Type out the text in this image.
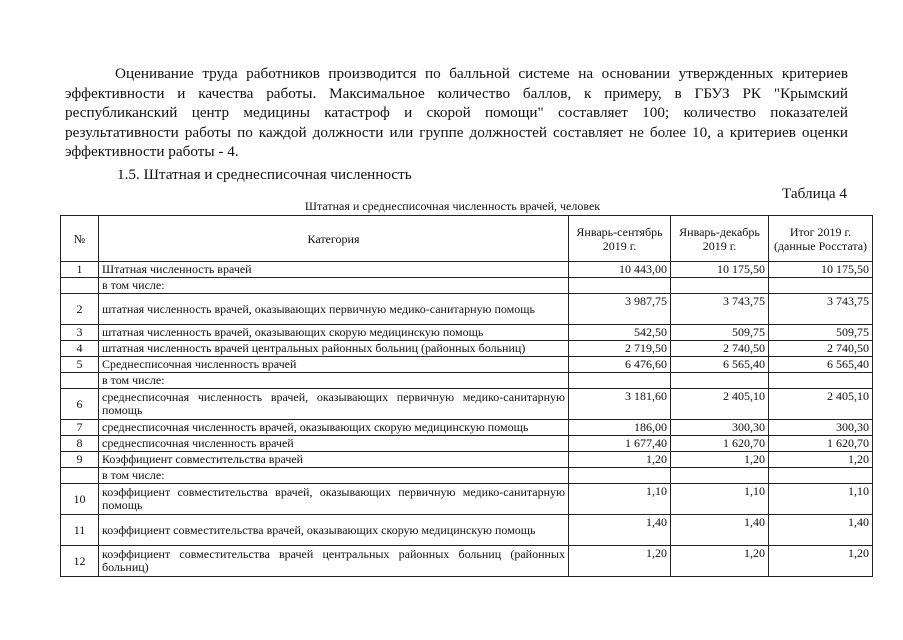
Оценивание труда работников производится по балльной системе на основании утвержденных критериев эффективности и качества работы. Максимальное количество баллов, к примеру, в ГБУЗ РК "Крымский республиканский центр медицины катастроф и скорой помощи" составляет 100; количество показателей результативности работы по каждой должности или группе должностей составляет не более 10, а критериев оценки эффективности работы - 4.

1.5. Штатная и среднесписочная численность

Таблица 4
Штатная и среднесписочная численность врачей, человек
№	Категория	Январь-сентябрь 2019 г.	Январь-декабрь 2019 г.	Итог 2019 г. (данные Росстата)
1	Штатная численность врачей	10 443,00	10 175,50	10 175,50
	в том числе:			
2	штатная численность врачей, оказывающих первичную медико-санитарную помощь	3 987,75	3 743,75	3 743,75
3	штатная численность врачей, оказывающих скорую медицинскую помощь	542,50	509,75	509,75
4	штатная численность врачей центральных районных больниц (районных больниц)	2 719,50	2 740,50	2 740,50
5	Среднесписочная численность врачей	6 476,60	6 565,40	6 565,40
	в том числе:			
6	среднесписочная численность врачей, оказывающих первичную медико-санитарную помощь	3 181,60	2 405,10	2 405,10
7	среднесписочная численность врачей, оказывающих скорую медицинскую помощь	186,00	300,30	300,30
8	среднесписочная численность врачей	1 677,40	1 620,70	1 620,70
9	Коэффициент совместительства врачей	1,20	1,20	1,20
	в том числе:			
10	коэффициент совместительства врачей, оказывающих первичную медико-санитарную помощь	1,10	1,10	1,10
11	коэффициент совместительства врачей, оказывающих скорую медицинскую помощь	1,40	1,40	1,40
12	коэффициент совместительства врачей центральных районных больниц (районных больниц)	1,20	1,20	1,20
